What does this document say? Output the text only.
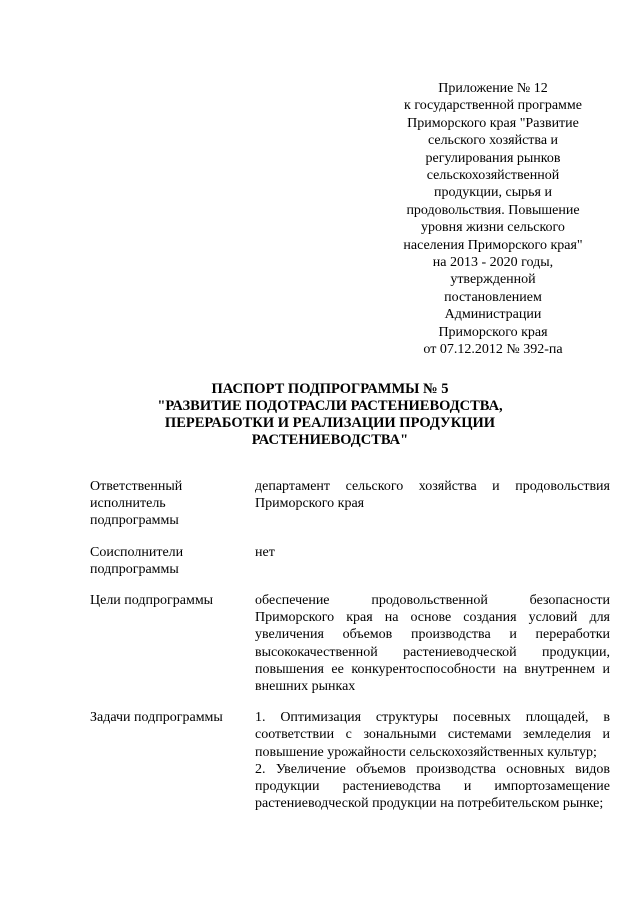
Приложение № 12
к государственной программе
Приморского края "Развитие
сельского хозяйства и
регулирования рынков
сельскохозяйственной
продукции, сырья и
продовольствия. Повышение
уровня жизни сельского
населения Приморского края"
на 2013 - 2020 годы,
утвержденной
постановлением
Администрации
Приморского края
от 07.12.2012 № 392-па
ПАСПОРТ ПОДПРОГРАММЫ № 5
"РАЗВИТИЕ ПОДОТРАСЛИ РАСТЕНИЕВОДСТВА,
ПЕРЕРАБОТКИ И РЕАЛИЗАЦИИ ПРОДУКЦИИ
РАСТЕНИЕВОДСТВА"
Ответственный исполнитель подпрограммы
департамент сельского хозяйства и продовольствия Приморского края
Соисполнители подпрограммы
нет
Цели подпрограммы	обеспечение продовольственной безопасности Приморского края на основе создания условий для увеличения объемов производства и переработки высококачественной растениеводческой продукции, повышения ее конкурентоспособности на внутреннем и внешних рынках
Задачи подпрограммы	1. Оптимизация структуры посевных площадей, в соответствии с зональными системами земледелия и повышение урожайности сельскохозяйственных культур;

2. Увеличение объемов производства основных видов продукции растениеводства и импортозамещение растениеводческой продукции на потребительском рынке;
